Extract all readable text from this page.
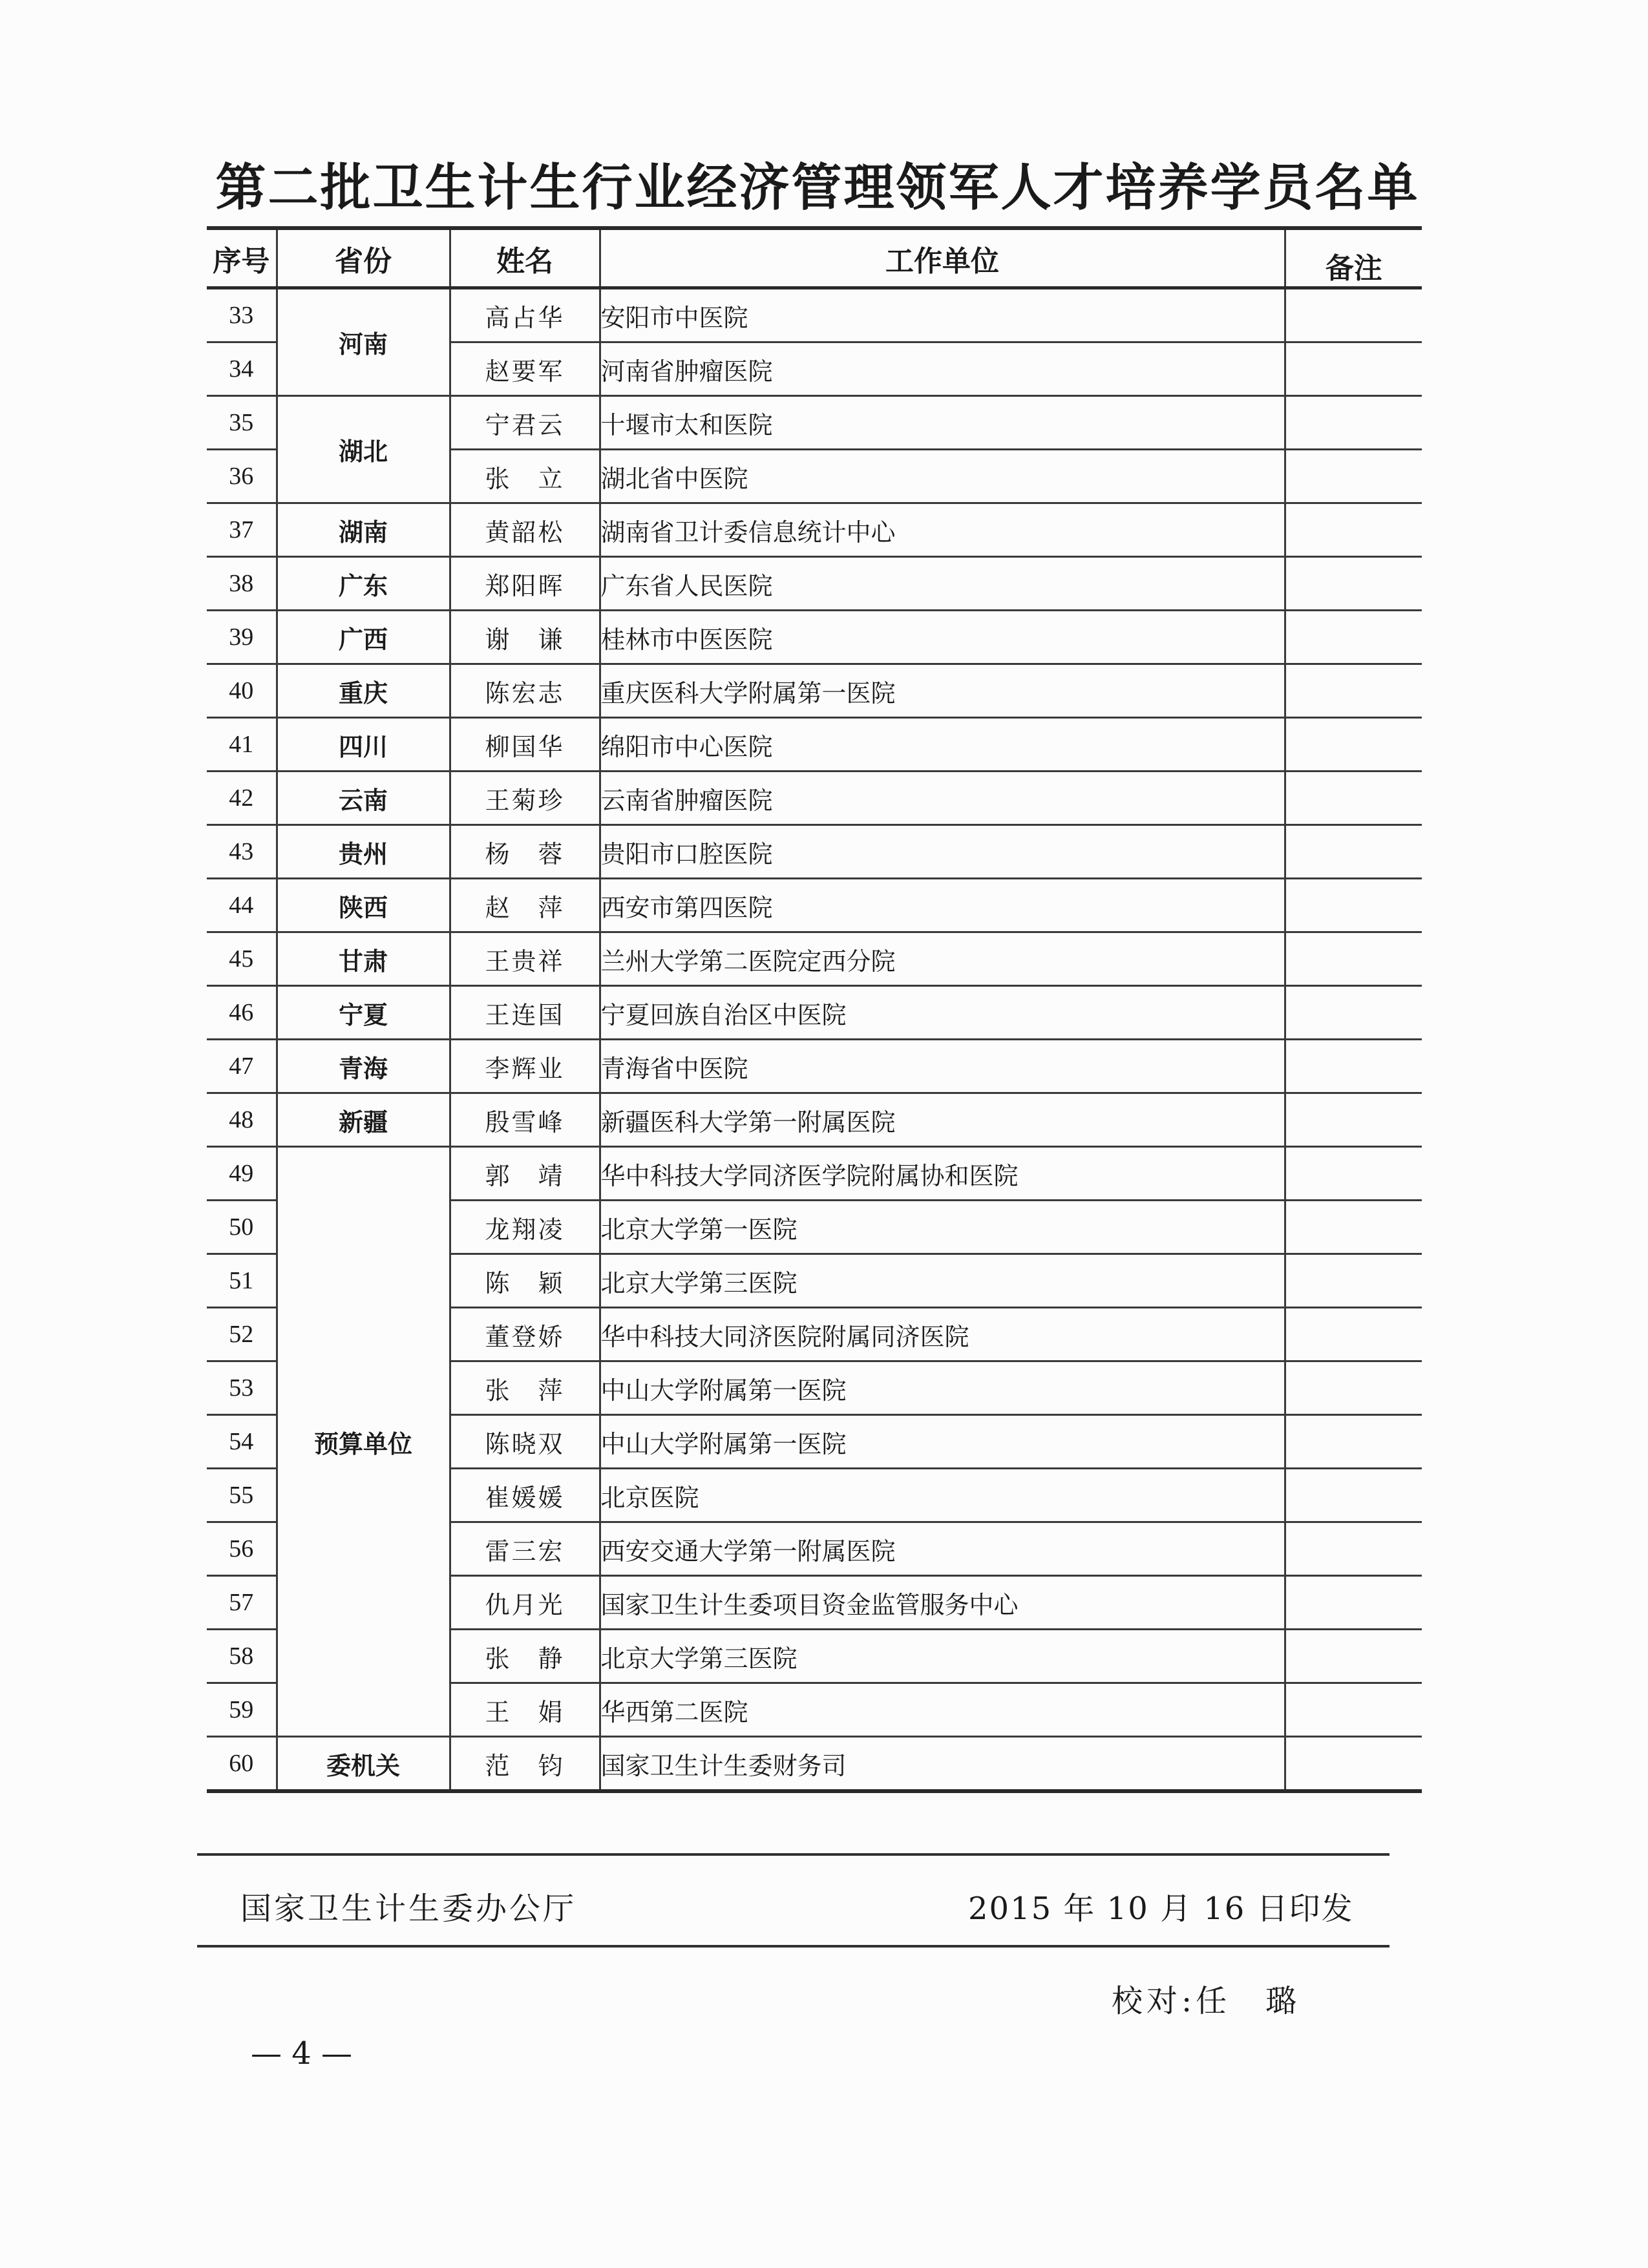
第二批卫生计生行业经济管理领军人才培养学员名单
序号	省份	姓名	工作单位	备注
33	河南	高占华	安阳市中医院	
34		赵要军	河南省肿瘤医院	
35	湖北	宁君云	十堰市太和医院	
36		张　立	湖北省中医院	
37	湖南	黄韶松	湖南省卫计委信息统计中心	
38	广东	郑阳晖	广东省人民医院	
39	广西	谢　谦	桂林市中医医院	
40	重庆	陈宏志	重庆医科大学附属第一医院	
41	四川	柳国华	绵阳市中心医院	
42	云南	王菊珍	云南省肿瘤医院	
43	贵州	杨　蓉	贵阳市口腔医院	
44	陕西	赵　萍	西安市第四医院	
45	甘肃	王贵祥	兰州大学第二医院定西分院	
46	宁夏	王连国	宁夏回族自治区中医院	
47	青海	李辉业	青海省中医院	
48	新疆	殷雪峰	新疆医科大学第一附属医院	
49	预算单位	郭　靖	华中科技大学同济医学院附属协和医院	
50		龙翔凌	北京大学第一医院	
51		陈　颖	北京大学第三医院	
52		董登娇	华中科技大同济医院附属同济医院	
53		张　萍	中山大学附属第一医院	
54		陈晓双	中山大学附属第一医院	
55		崔媛媛	北京医院	
56		雷三宏	西安交通大学第一附属医院	
57		仇月光	国家卫生计生委项目资金监管服务中心	
58		张　静	北京大学第三医院	
59		王　娟	华西第二医院	
60	委机关	范　钧	国家卫生计生委财务司	
国家卫生计生委办公厅	2015 年 10 月 16 日印发
校对:任　璐
— 4 —
